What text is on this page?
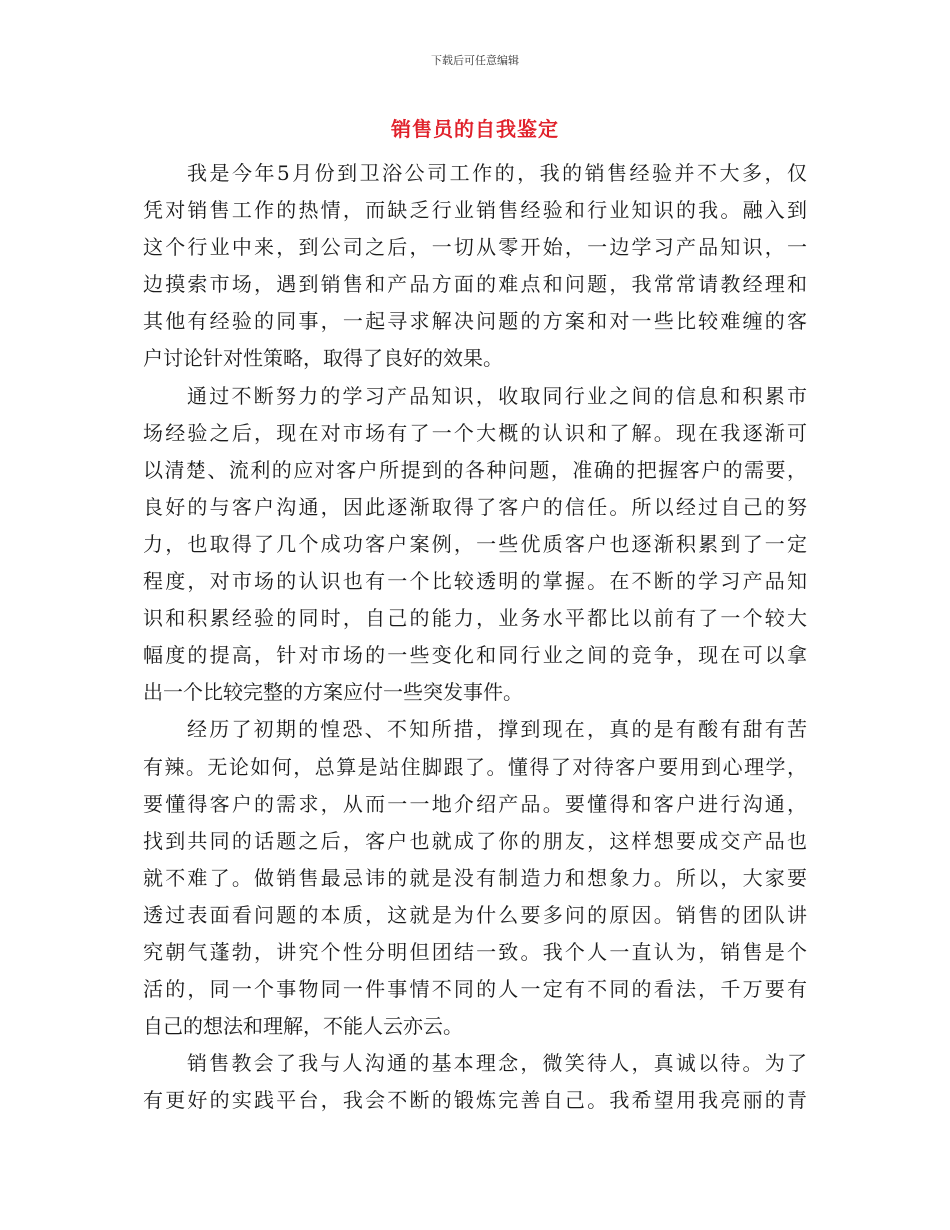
下载后可任意编辑
销售员的自我鉴定
我是今年5月份到卫浴公司工作的，我的销售经验并不大多，仅
凭对销售工作的热情，而缺乏行业销售经验和行业知识的我。融入到
这个行业中来，到公司之后，一切从零开始，一边学习产品知识，一
边摸索市场，遇到销售和产品方面的难点和问题，我常常请教经理和
其他有经验的同事，一起寻求解决问题的方案和对一些比较难缠的客
户讨论针对性策略，取得了良好的效果。
通过不断努力的学习产品知识，收取同行业之间的信息和积累市
场经验之后，现在对市场有了一个大概的认识和了解。现在我逐渐可
以清楚、流利的应对客户所提到的各种问题，准确的把握客户的需要，
良好的与客户沟通，因此逐渐取得了客户的信任。所以经过自己的努
力，也取得了几个成功客户案例，一些优质客户也逐渐积累到了一定
程度，对市场的认识也有一个比较透明的掌握。在不断的学习产品知
识和积累经验的同时，自己的能力，业务水平都比以前有了一个较大
幅度的提高，针对市场的一些变化和同行业之间的竞争，现在可以拿
出一个比较完整的方案应付一些突发事件。
经历了初期的惶恐、不知所措，撑到现在，真的是有酸有甜有苦
有辣。无论如何，总算是站住脚跟了。懂得了对待客户要用到心理学，
要懂得客户的需求，从而一一地介绍产品。要懂得和客户进行沟通，
找到共同的话题之后，客户也就成了你的朋友，这样想要成交产品也
就不难了。做销售最忌讳的就是没有制造力和想象力。所以，大家要
透过表面看问题的本质，这就是为什么要多问的原因。销售的团队讲
究朝气蓬勃，讲究个性分明但团结一致。我个人一直认为，销售是个
活的，同一个事物同一件事情不同的人一定有不同的看法，千万要有
自己的想法和理解，不能人云亦云。
销售教会了我与人沟通的基本理念，微笑待人，真诚以待。为了
有更好的实践平台，我会不断的锻炼完善自己。我希望用我亮丽的青
